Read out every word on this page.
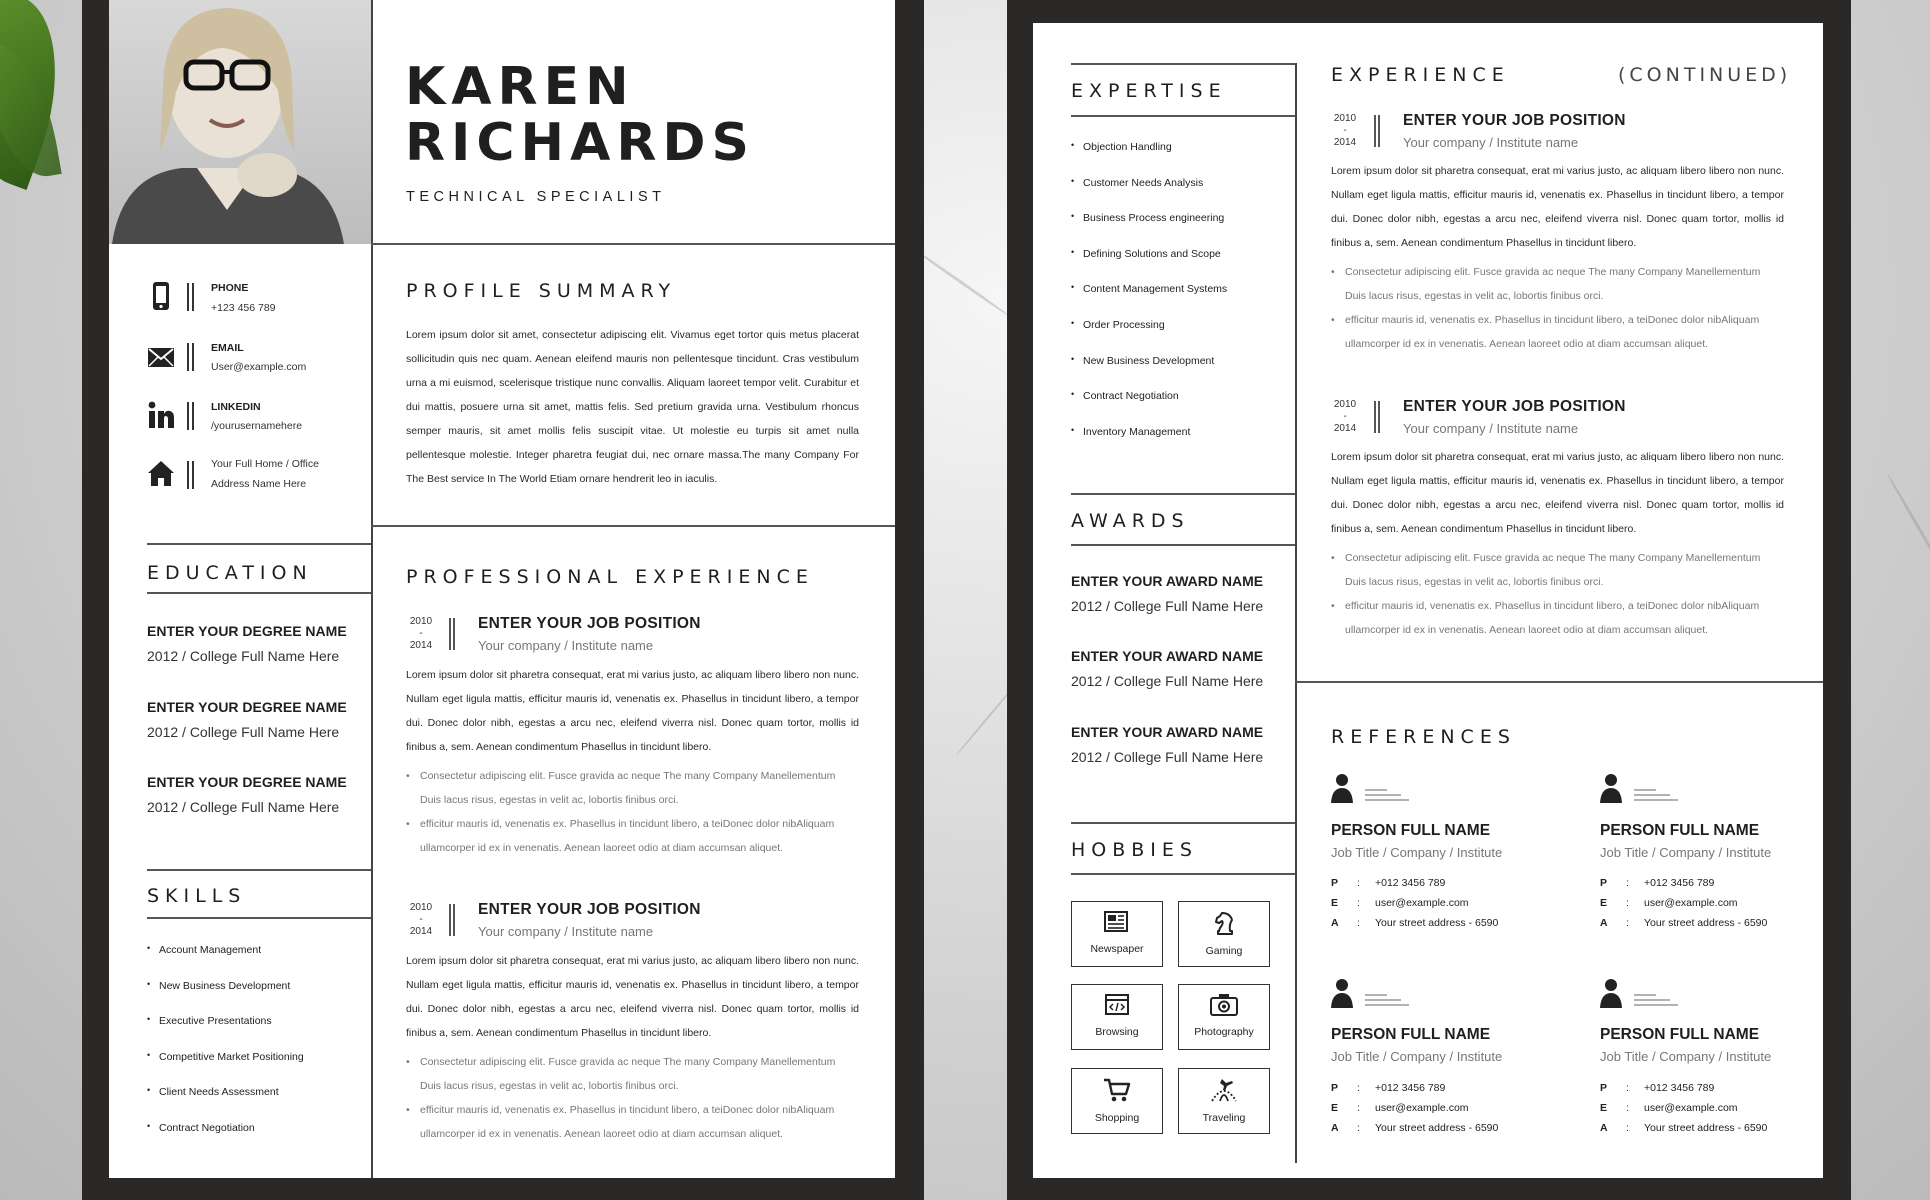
KAREN
RICHARDS
TECHNICAL SPECIALIST
PHONE
+123 456 789
EMAIL
User@example.com
LINKEDIN
/yourusernamehere
Your Full Home / Office
Address Name Here
EDUCATION
ENTER YOUR DEGREE NAME
2012 / College Full Name Here
ENTER YOUR DEGREE NAME
2012 / College Full Name Here
ENTER YOUR DEGREE NAME
2012 / College Full Name Here
SKILLS
• Account Management
• New Business Development
• Executive Presentations
• Competitive Market Positioning
• Client Needs Assessment
• Contract Negotiation
PROFILE SUMMARY
Lorem ipsum dolor sit amet, consectetur adipiscing elit. Vivamus eget tortor quis metus placerat sollicitudin quis nec quam. Aenean eleifend mauris non pellentesque tincidunt. Cras vestibulum urna a mi euismod, scelerisque tristique nunc convallis. Aliquam laoreet tempor velit. Curabitur et dui mattis, posuere urna sit amet, mattis felis. Sed pretium gravida urna. Vestibulum rhoncus semper mauris, sit amet mollis felis suscipit vitae. Ut molestie eu turpis sit amet nulla pellentesque molestie. Integer pharetra feugiat dui, nec ornare massa.The many Company For The Best service In The World Etiam ornare hendrerit leo in iaculis.
PROFESSIONAL EXPERIENCE
2010
-
2014
ENTER YOUR JOB POSITION
Your company / Institute name
Lorem ipsum dolor sit pharetra consequat, erat mi varius justo, ac aliquam libero libero non nunc. Nullam eget ligula mattis, efficitur mauris id, venenatis ex. Phasellus in tincidunt libero, a tempor dui. Donec dolor nibh, egestas a arcu nec, eleifend viverra nisl. Donec quam tortor, mollis id finibus a, sem. Aenean condimentum Phasellus in tincidunt libero.
• Consectetur adipiscing elit. Fusce gravida ac neque The many Company Manellementum Duis lacus risus, egestas in velit ac, lobortis finibus orci.
• efficitur mauris id, venenatis ex. Phasellus in tincidunt libero, a teiDonec dolor nibAliquam ullamcorper id ex in venenatis. Aenean laoreet odio at diam accumsan aliquet.
2010
-
2014
ENTER YOUR JOB POSITION
Your company / Institute name
Lorem ipsum dolor sit pharetra consequat, erat mi varius justo, ac aliquam libero libero non nunc. Nullam eget ligula mattis, efficitur mauris id, venenatis ex. Phasellus in tincidunt libero, a tempor dui. Donec dolor nibh, egestas a arcu nec, eleifend viverra nisl. Donec quam tortor, mollis id finibus a, sem. Aenean condimentum Phasellus in tincidunt libero.
• Consectetur adipiscing elit. Fusce gravida ac neque The many Company Manellementum Duis lacus risus, egestas in velit ac, lobortis finibus orci.
• efficitur mauris id, venenatis ex. Phasellus in tincidunt libero, a teiDonec dolor nibAliquam ullamcorper id ex in venenatis. Aenean laoreet odio at diam accumsan aliquet.
EXPERTISE
• Objection Handling
• Customer Needs Analysis
• Business Process engineering
• Defining Solutions and Scope
• Content Management Systems
• Order Processing
• New Business Development
• Contract Negotiation
• Inventory Management
AWARDS
ENTER YOUR AWARD NAME
2012 / College Full Name Here
ENTER YOUR AWARD NAME
2012 / College Full Name Here
ENTER YOUR AWARD NAME
2012 / College Full Name Here
HOBBIES
Newspaper	Gaming
Browsing	Photography
Shopping	Traveling
EXPERIENCE	(CONTINUED)
2010
-
2014
ENTER YOUR JOB POSITION
Your company / Institute name
Lorem ipsum dolor sit pharetra consequat, erat mi varius justo, ac aliquam libero libero non nunc. Nullam eget ligula mattis, efficitur mauris id, venenatis ex. Phasellus in tincidunt libero, a tempor dui. Donec dolor nibh, egestas a arcu nec, eleifend viverra nisl. Donec quam tortor, mollis id finibus a, sem. Aenean condimentum Phasellus in tincidunt libero.
• Consectetur adipiscing elit. Fusce gravida ac neque The many Company Manellementum Duis lacus risus, egestas in velit ac, lobortis finibus orci.
• efficitur mauris id, venenatis ex. Phasellus in tincidunt libero, a teiDonec dolor nibAliquam ullamcorper id ex in venenatis. Aenean laoreet odio at diam accumsan aliquet.
2010
-
2014
ENTER YOUR JOB POSITION
Your company / Institute name
Lorem ipsum dolor sit pharetra consequat, erat mi varius justo, ac aliquam libero libero non nunc. Nullam eget ligula mattis, efficitur mauris id, venenatis ex. Phasellus in tincidunt libero, a tempor dui. Donec dolor nibh, egestas a arcu nec, eleifend viverra nisl. Donec quam tortor, mollis id finibus a, sem. Aenean condimentum Phasellus in tincidunt libero.
• Consectetur adipiscing elit. Fusce gravida ac neque The many Company Manellementum Duis lacus risus, egestas in velit ac, lobortis finibus orci.
• efficitur mauris id, venenatis ex. Phasellus in tincidunt libero, a teiDonec dolor nibAliquam ullamcorper id ex in venenatis. Aenean laoreet odio at diam accumsan aliquet.
REFERENCES
PERSON FULL NAME
Job Title / Company / Institute
P : +012 3456 789
E : user@example.com
A : Your street address - 6590
PERSON FULL NAME
Job Title / Company / Institute
P : +012 3456 789
E : user@example.com
A : Your street address - 6590
PERSON FULL NAME
Job Title / Company / Institute
P : +012 3456 789
E : user@example.com
A : Your street address - 6590
PERSON FULL NAME
Job Title / Company / Institute
P : +012 3456 789
E : user@example.com
A : Your street address - 6590
